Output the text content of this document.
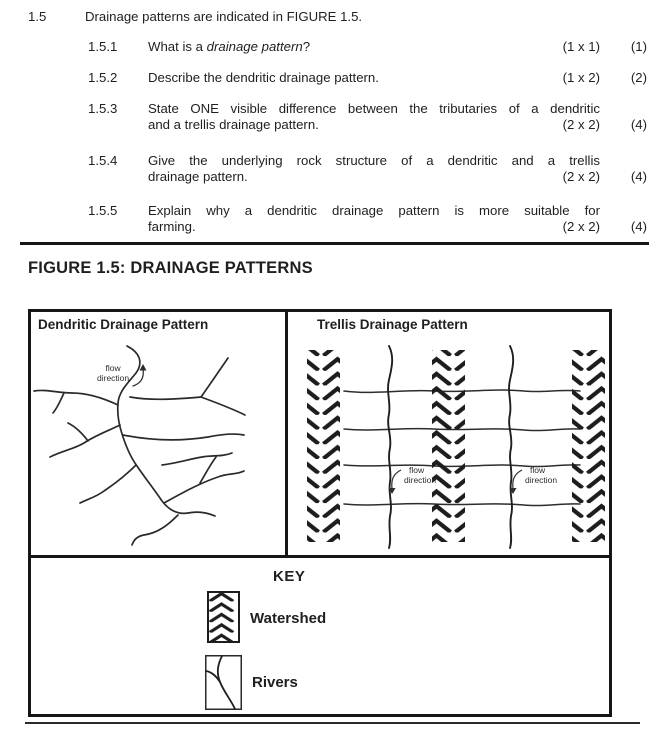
1.5	Drainage patterns are indicated in FIGURE 1.5.
1.5.1 What is a drainage pattern?	(1 x 1)	(1)
1.5.2 Describe the dendritic drainage pattern.	(1 x 2)	(2)
1.5.3 State ONE visible difference between the tributaries of a dendritic
and a trellis drainage pattern.	(2 x 2)	(4)
1.5.4 Give the underlying rock structure of a dendritic and a trellis
drainage pattern.	(2 x 2)	(4)
1.5.5 Explain why a dendritic drainage pattern is more suitable for
farming.	(2 x 2)	(4)
FIGURE 1.5: DRAINAGE PATTERNS
Dendritic Drainage Pattern	Trellis Drainage Pattern
flow
direction
flow
direction
flow
direction
KEY
Watershed
Rivers
